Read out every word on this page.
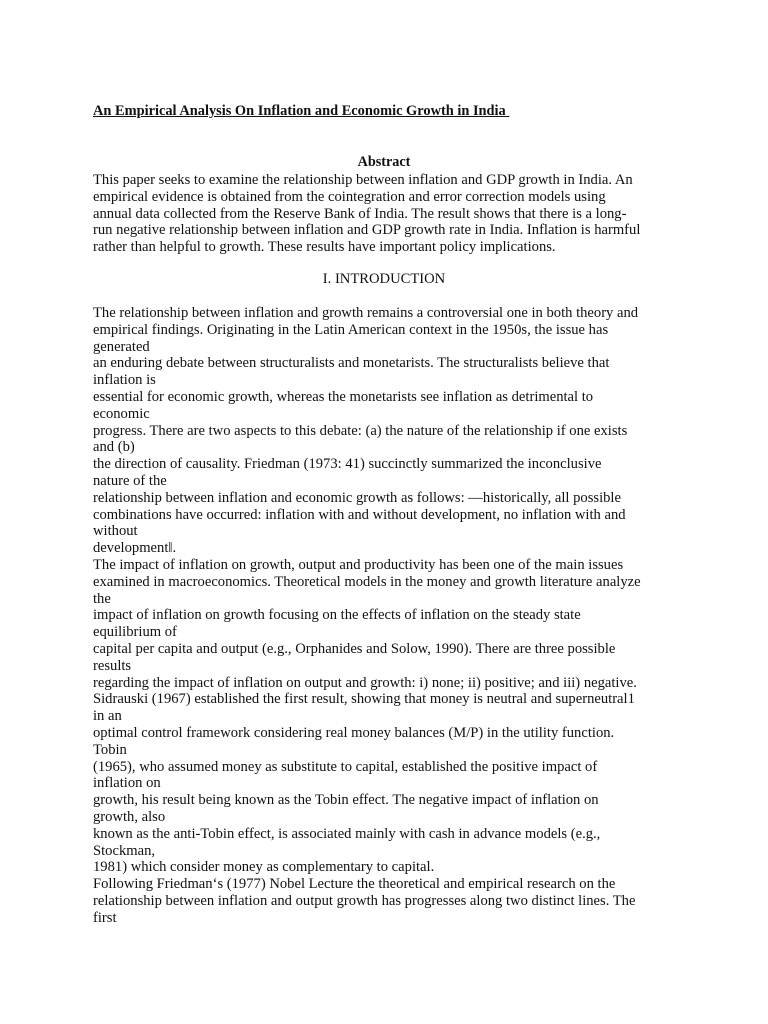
An Empirical Analysis On Inflation and Economic Growth in India
Abstract
This paper seeks to examine the relationship between inflation and GDP growth in India. An
empirical evidence is obtained from the cointegration and error correction models using
annual data collected from the Reserve Bank of India. The result shows that there is a long-
run negative relationship between inflation and GDP growth rate in India. Inflation is harmful
rather than helpful to growth. These results have important policy implications.
I. INTRODUCTION
The relationship between inflation and growth remains a controversial one in both theory and
empirical findings. Originating in the Latin American context in the 1950s, the issue has
generated
an enduring debate between structuralists and monetarists. The structuralists believe that
inflation is
essential for economic growth, whereas the monetarists see inflation as detrimental to
economic
progress. There are two aspects to this debate: (a) the nature of the relationship if one exists
and (b)
the direction of causality. Friedman (1973: 41) succinctly summarized the inconclusive
nature of the
relationship between inflation and economic growth as follows: ―historically, all possible
combinations have occurred: inflation with and without development, no inflation with and
without
development‖.
The impact of inflation on growth, output and productivity has been one of the main issues
examined in macroeconomics. Theoretical models in the money and growth literature analyze
the
impact of inflation on growth focusing on the effects of inflation on the steady state
equilibrium of
capital per capita and output (e.g., Orphanides and Solow, 1990). There are three possible
results
regarding the impact of inflation on output and growth: i) none; ii) positive; and iii) negative.
Sidrauski (1967) established the first result, showing that money is neutral and superneutral1
in an
optimal control framework considering real money balances (M/P) in the utility function.
Tobin
(1965), who assumed money as substitute to capital, established the positive impact of
inflation on
growth, his result being known as the Tobin effect. The negative impact of inflation on
growth, also
known as the anti-Tobin effect, is associated mainly with cash in advance models (e.g.,
Stockman,
1981) which consider money as complementary to capital.
Following Friedman‘s (1977) Nobel Lecture the theoretical and empirical research on the
relationship between inflation and output growth has progresses along two distinct lines. The
first
